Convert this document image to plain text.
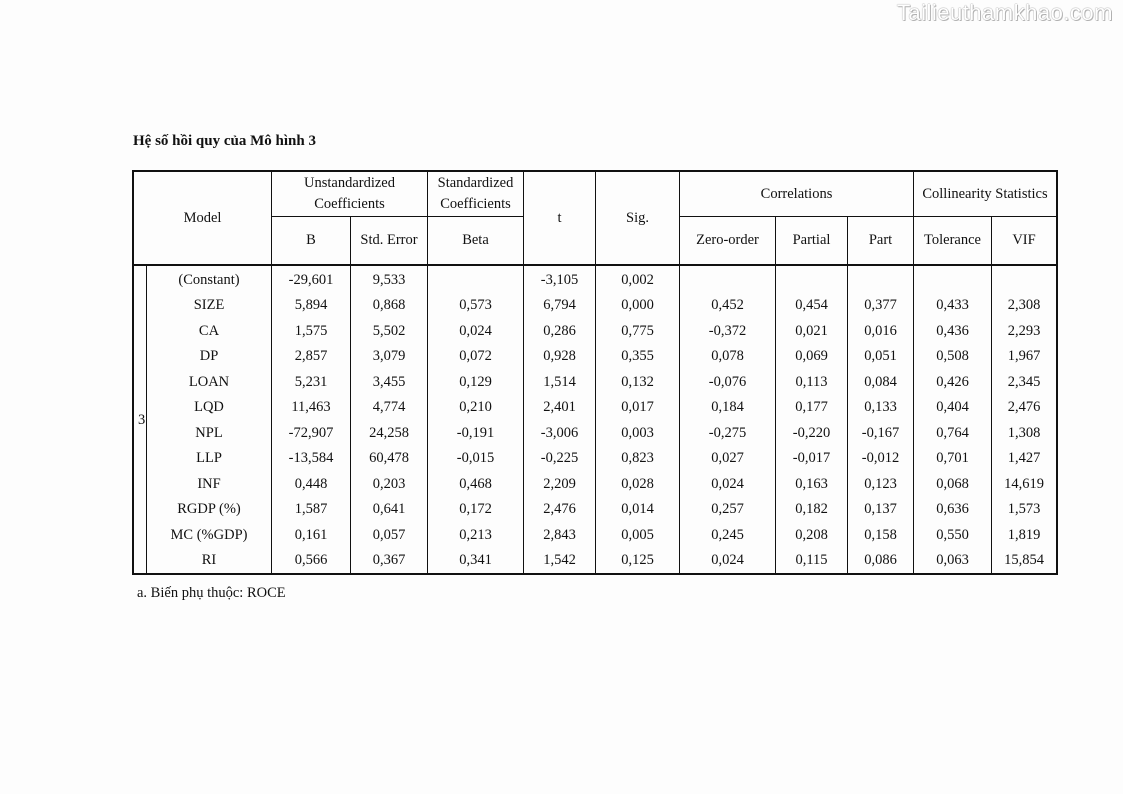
Tailieuthamkhao.com
Hệ số hồi quy của Mô hình 3
Model		Unstandardized Coefficients		Standardized Coefficients	t	Sig.	Correlations			Collinearity Statistics	
		B	Std. Error	Beta			Zero-order	Partial	Part	Tolerance	VIF
3	(Constant)	-29,601	9,533		-3,105	0,002					
	SIZE	5,894	0,868	0,573	6,794	0,000	0,452	0,454	0,377	0,433	2,308
	CA	1,575	5,502	0,024	0,286	0,775	-0,372	0,021	0,016	0,436	2,293
	DP	2,857	3,079	0,072	0,928	0,355	0,078	0,069	0,051	0,508	1,967
	LOAN	5,231	3,455	0,129	1,514	0,132	-0,076	0,113	0,084	0,426	2,345
	LQD	11,463	4,774	0,210	2,401	0,017	0,184	0,177	0,133	0,404	2,476
	NPL	-72,907	24,258	-0,191	-3,006	0,003	-0,275	-0,220	-0,167	0,764	1,308
	LLP	-13,584	60,478	-0,015	-0,225	0,823	0,027	-0,017	-0,012	0,701	1,427
	INF	0,448	0,203	0,468	2,209	0,028	0,024	0,163	0,123	0,068	14,619
	RGDP (%)	1,587	0,641	0,172	2,476	0,014	0,257	0,182	0,137	0,636	1,573
	MC (%GDP)	0,161	0,057	0,213	2,843	0,005	0,245	0,208	0,158	0,550	1,819
	RI	0,566	0,367	0,341	1,542	0,125	0,024	0,115	0,086	0,063	15,854
a. Biến phụ thuộc: ROCE
